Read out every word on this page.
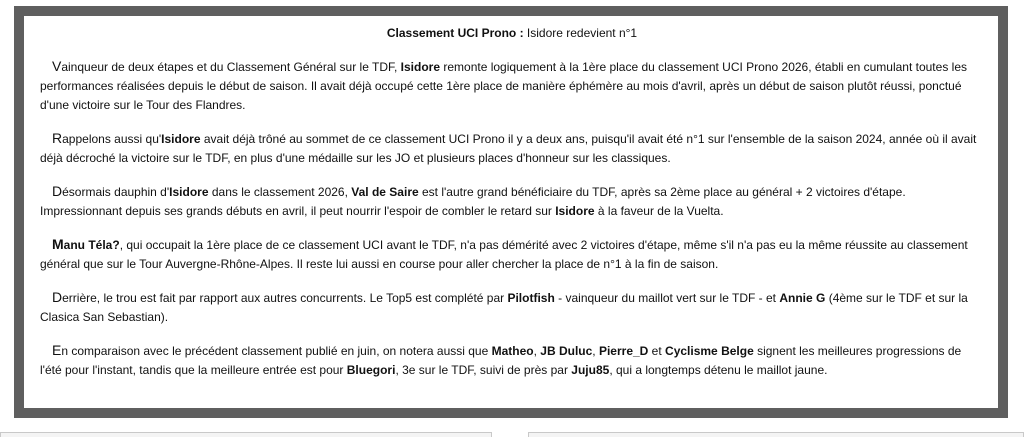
Classement UCI Prono : Isidore redevient n°1

Vainqueur de deux étapes et du Classement Général sur le TDF, Isidore remonte logiquement à la 1ère place du classement UCI Prono 2026, établi en cumulant toutes les performances réalisées depuis le début de saison. Il avait déjà occupé cette 1ère place de manière éphémère au mois d'avril, après un début de saison plutôt réussi, ponctué d'une victoire sur le Tour des Flandres.

Rappelons aussi qu'Isidore avait déjà trôné au sommet de ce classement UCI Prono il y a deux ans, puisqu'il avait été n°1 sur l'ensemble de la saison 2024, année où il avait déjà décroché la victoire sur le TDF, en plus d'une médaille sur les JO et plusieurs places d'honneur sur les classiques.

Désormais dauphin d'Isidore dans le classement 2026, Val de Saire est l'autre grand bénéficiaire du TDF, après sa 2ème place au général + 2 victoires d'étape. Impressionnant depuis ses grands débuts en avril, il peut nourrir l'espoir de combler le retard sur Isidore à la faveur de la Vuelta.

Manu Téla?, qui occupait la 1ère place de ce classement UCI avant le TDF, n'a pas démérité avec 2 victoires d'étape, même s'il n'a pas eu la même réussite au classement général que sur le Tour Auvergne-Rhône-Alpes. Il reste lui aussi en course pour aller chercher la place de n°1 à la fin de saison.

Derrière, le trou est fait par rapport aux autres concurrents. Le Top5 est complété par Pilotfish - vainqueur du maillot vert sur le TDF - et Annie G (4ème sur le TDF et sur la Clasica San Sebastian).

En comparaison avec le précédent classement publié en juin, on notera aussi que Matheo, JB Duluc, Pierre_D et Cyclisme Belge signent les meilleures progressions de l'été pour l'instant, tandis que la meilleure entrée est pour Bluegori, 3e sur le TDF, suivi de près par Juju85, qui a longtemps détenu le maillot jaune.
